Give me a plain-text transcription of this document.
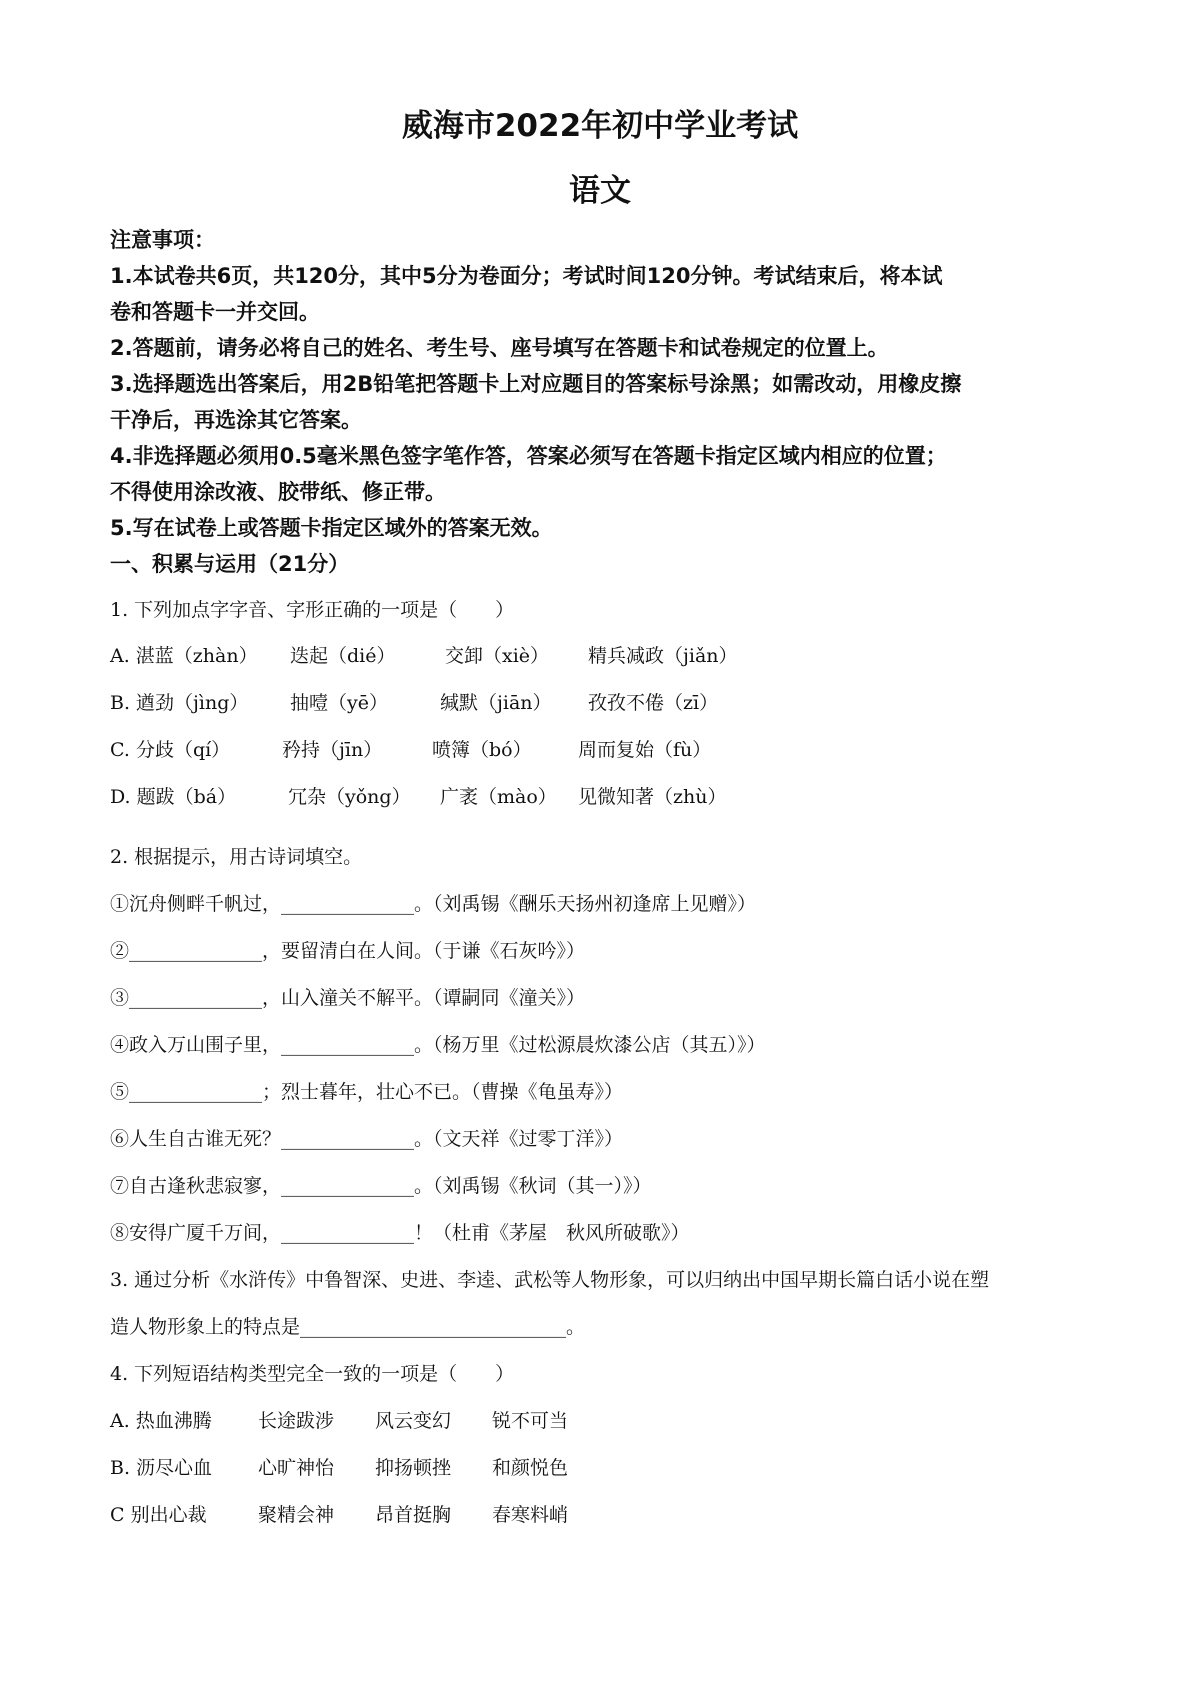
威海市2022年初中学业考试
语文
注意事项：
1.本试卷共6页，共120分，其中5分为卷面分；考试时间120分钟。考试结束后，将本试
卷和答题卡一并交回。
2.答题前，请务必将自己的姓名、考生号、座号填写在答题卡和试卷规定的位置上。
3.选择题选出答案后，用2B铅笔把答题卡上对应题目的答案标号涂黑；如需改动，用橡皮擦
干净后，再选涂其它答案。
4.非选择题必须用0.5毫米黑色签字笔作答，答案必须写在答题卡指定区域内相应的位置；
不得使用涂改液、胶带纸、修正带。
5.写在试卷上或答题卡指定区域外的答案无效。
一、积累与运用（21分）
1. 下列加点字字音、字形正确的一项是（　　）
A. 湛蓝（zhàn） 迭起（dié）	交卸（xiè） 精兵减政（jiǎn）
B. 遒劲（jìng） 抽噎（yē）	缄默（jiān） 孜孜不倦（zī）
C. 分歧（qí）	矜持（jīn）	喷簿（bó） 周而复始（fù）
D. 题跋（bá）	冗杂（yǒng） 广袤（mào） 见微知著（zhù）
2. 根据提示，用古诗词填空。
①沉舟侧畔千帆过，______________。（刘禹锡《酬乐天扬州初逢席上见赠》）
②______________，要留清白在人间。（于谦《石灰吟》）
③______________，山入潼关不解平。（谭嗣同《潼关》）
④政入万山围子里，______________。（杨万里《过松源晨炊漆公店（其五）》）
⑤______________；烈士暮年，壮心不已。（曹操《龟虽寿》）
⑥人生自古谁无死？______________。（文天祥《过零丁洋》）
⑦自古逢秋悲寂寥，______________。（刘禹锡《秋词（其一）》）
⑧安得广厦千万间，______________！（杜甫《茅屋　秋风所破歌》）
3. 通过分析《水浒传》中鲁智深、史进、李逵、武松等人物形象，可以归纳出中国早期长篇白话小说在塑
造人物形象上的特点是____________________________。
4. 下列短语结构类型完全一致的一项是（　　）
A. 热血沸腾 长途跋涉 风云变幻 锐不可当
B. 沥尽心血 心旷神怡 抑扬顿挫 和颜悦色
C 别出心裁	聚精会神 昂首挺胸 春寒料峭
